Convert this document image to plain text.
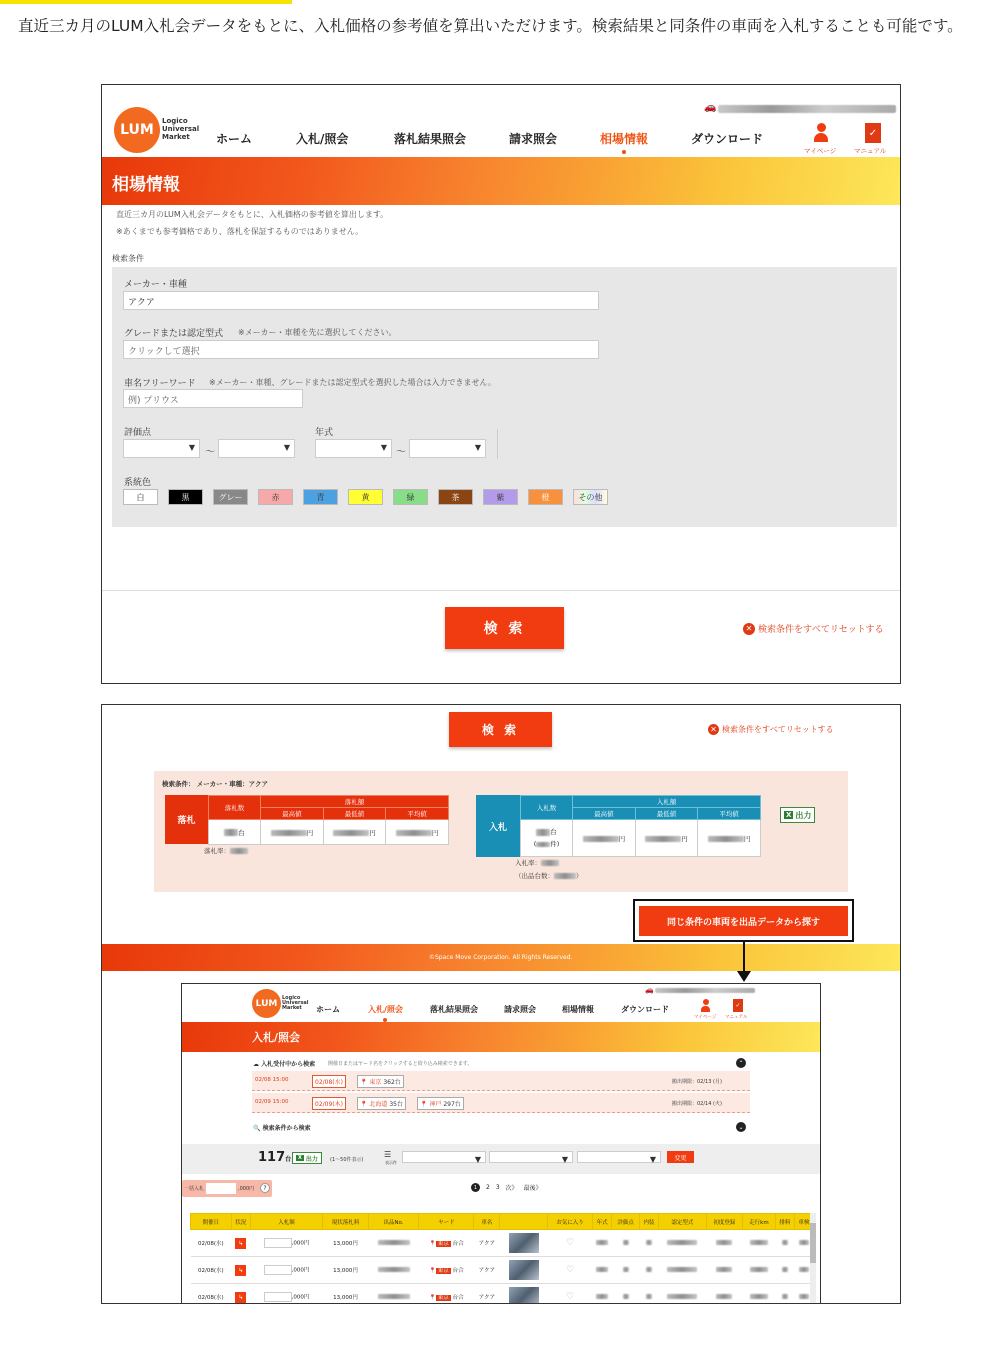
直近三カ月のLUM入札会データをもとに、入札価格の参考値を算出いただけます。検索結果と同条件の車両を入札することも可能です。
LUM
Logico
Universal
Market	ホーム	入札/照会	落札結果照会	請求照会	相場情報	ダウンロード
🚗
マイページ
✓
マニュアル
相場情報
直近三カ月のLUM入札会データをもとに、入札価格の参考値を算出します。
※あくまでも参考価格であり、落札を保証するものではありません。
検索条件
メーカー・車種
アクア
グレードまたは認定型式 ※メーカー・車種を先に選択してください。
クリックして選択
車名フリーワード ※メーカー・車種、グレードまたは認定型式を選択した場合は入力できません。
例) プリウス
評価点
▼
～
▼
年式
▼
～
▼
系統色
白	黒	グレー	赤	青	黄	緑	茶	紫	橙	その他
検 索	✕ 検索条件をすべてリセットする
検 索	✕ 検索条件をすべてリセットする
検索条件： メーカー・車種：アクア
落札
落札数	落札額		
	最高値	最低値	平均値
台	円	円	円
落札率：
入札
入札数	入札額		
	最高値	最低値	平均値
台
( 件)	円	円	円
入札率：
（出品台数：	）
X 出力
同じ条件の車両を出品データから探す
©Space Move Corporation. All Rights Reserved.
LUM
Logico
Universal
Market	ホーム	入札/照会	落札結果照会	請求照会	相場情報	ダウンロード
🚗
マイページ
✓
マニュアル
入札/照会
☁ 入札受付中から検索	開催日またはヤード名をクリックすると絞り込み検索できます。	⌃
02/08 15:00	02/08(水)	📍 東京 362台	搬出期限：02/13 (月)
02/09 15:00	02/09(木)	📍 北海道 35台	📍 神戸 297台	搬出期限：02/14 (火)
🔍 検索条件から検索	⌄
117台	X 出力 (1〜50件表示)
☰
表示件
▼
▼
▼
変更
一括入札	,000円	?	1	2 3 次》 最後》
開催日	状況	入札額	現状落札料	出品No.	ヤード	車名		お気に入り	年式	評価点	内装	認定型式	初度登録	走行km	排料	車検
02/08(水)	↳	,000円	13,000円		📍 東京 台合	アクア		♡								
02/08(水)	↳	,000円	13,000円		📍 東京 台合	アクア		♡								
02/08(水)	↳	,000円	13,000円		📍 東京 台合	アクア		♡								
